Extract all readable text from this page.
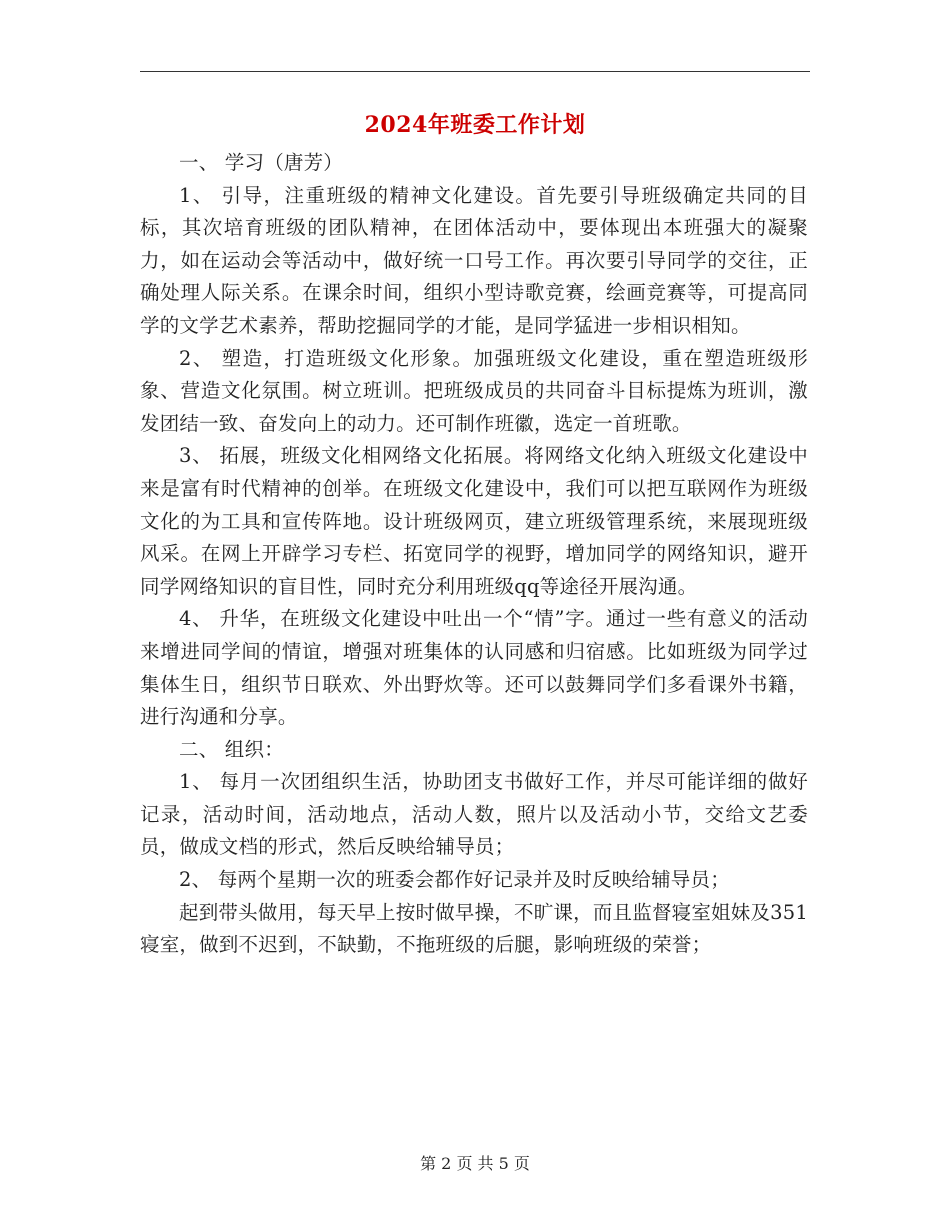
2024年班委工作计划

一、 学习（唐芳）

1、 引导，注重班级的精神文化建设。首先要引导班级确定共同的目标，其次培育班级的团队精神，在团体活动中，要体现出本班强大的凝聚力，如在运动会等活动中，做好统一口号工作。再次要引导同学的交往，正确处理人际关系。在课余时间，组织小型诗歌竞赛，绘画竞赛等，可提高同学的文学艺术素养，帮助挖掘同学的才能，是同学猛进一步相识相知。

2、 塑造，打造班级文化形象。加强班级文化建设，重在塑造班级形象、营造文化氛围。树立班训。把班级成员的共同奋斗目标提炼为班训，激发团结一致、奋发向上的动力。还可制作班徽，选定一首班歌。

3、 拓展，班级文化相网络文化拓展。将网络文化纳入班级文化建设中来是富有时代精神的创举。在班级文化建设中，我们可以把互联网作为班级文化的为工具和宣传阵地。设计班级网页，建立班级管理系统，来展现班级风采。在网上开辟学习专栏、拓宽同学的视野，增加同学的网络知识，避开同学网络知识的盲目性，同时充分利用班级qq等途径开展沟通。

4、 升华，在班级文化建设中吐出一个“情”字。通过一些有意义的活动来增进同学间的情谊，增强对班集体的认同感和归宿感。比如班级为同学过集体生日，组织节日联欢、外出野炊等。还可以鼓舞同学们多看课外书籍，进行沟通和分享。

二、 组织：

1、 每月一次团组织生活，协助团支书做好工作，并尽可能详细的做好记录，活动时间，活动地点，活动人数，照片以及活动小节，交给文艺委员，做成文档的形式，然后反映给辅导员；

2、 每两个星期一次的班委会都作好记录并及时反映给辅导员；

起到带头做用，每天早上按时做早操，不旷课，而且监督寝室姐妹及351寝室，做到不迟到，不缺勤，不拖班级的后腿，影响班级的荣誉；

第 2 页 共 5 页
